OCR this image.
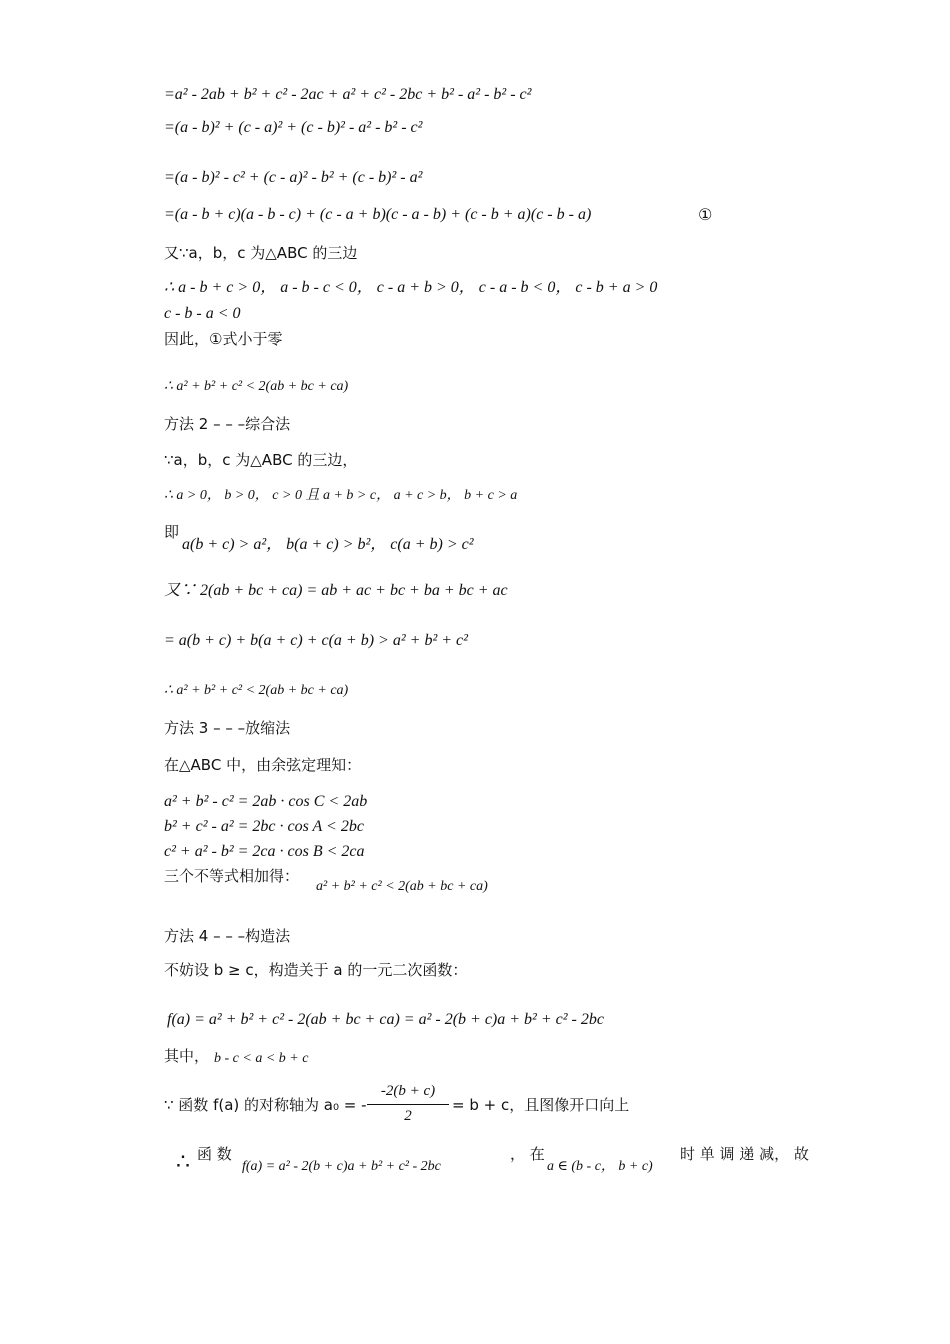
=a² - 2ab + b² + c² - 2ac + a² + c² - 2bc + b² - a² - b² - c²
=(a - b)² + (c - a)² + (c - b)² - a² - b² - c²
=(a - b)² - c² + (c - a)² - b² + (c - b)² - a²
=(a - b + c)(a - b - c) + (c - a + b)(c - a - b) + (c - b + a)(c - b - a)	①
又∵a，b，c 为△ABC 的三边
∴ a - b + c > 0， a - b - c < 0， c - a + b > 0， c - a - b < 0， c - b + a > 0
c - b - a < 0
因此，①式小于零
∴ a² + b² + c² < 2(ab + bc + ca)
方法 2 – – –综合法
∵a，b，c 为△ABC 的三边，
∴ a > 0， b > 0， c > 0 且 a + b > c， a + c > b， b + c > a
即
a(b + c) > a²， b(a + c) > b²， c(a + b) > c²
又∵ 2(ab + bc + ca) = ab + ac + bc + ba + bc + ac
= a(b + c) + b(a + c) + c(a + b) > a² + b² + c²
∴ a² + b² + c² < 2(ab + bc + ca)
方法 3 – – –放缩法
在△ABC 中，由余弦定理知：
a² + b² - c² = 2ab · cos C < 2ab
b² + c² - a² = 2bc · cos A < 2bc
c² + a² - b² = 2ca · cos B < 2ca
三个不等式相加得：
a² + b² + c² < 2(ab + bc + ca)
方法 4 – – –构造法
不妨设 b ≥ c，构造关于 a 的一元二次函数：
f(a) = a² + b² + c² - 2(ab + bc + ca) = a² - 2(b + c)a + b² + c² - 2bc
其中， b - c < a < b + c
∵ 函数 f(a) 的对称轴为 a₀ = -
-2(b + c)
2
= b + c，且图像开口向上
∴ 函 数
f(a) = a² - 2(b + c)a + b² + c² - 2bc
， 在
a ∈ (b - c， b + c)
时 单 调 递 减， 故
